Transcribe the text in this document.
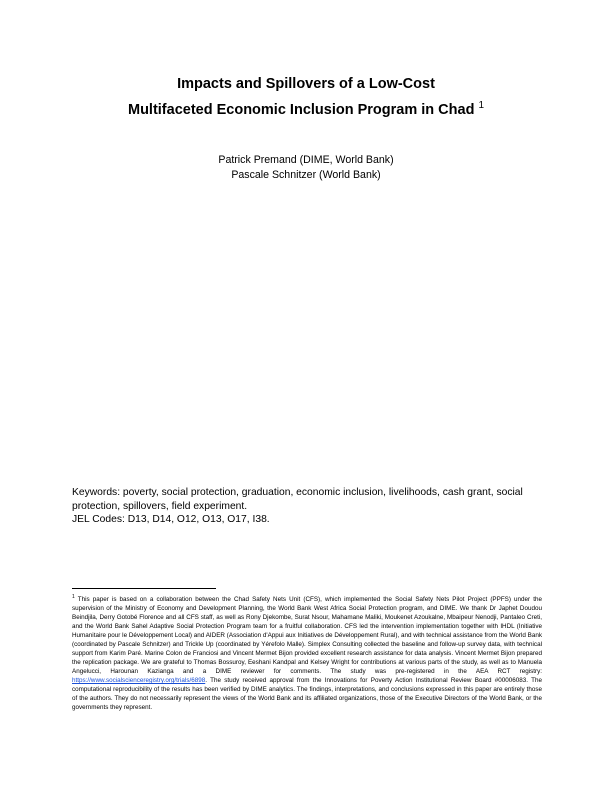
Impacts and Spillovers of a Low-Cost
Multifaceted Economic Inclusion Program in Chad $^1$
Patrick Premand (DIME, World Bank)
Pascale Schnitzer (World Bank)
Keywords: poverty, social protection, graduation, economic inclusion, livelihoods, cash grant, social
protection, spillovers, field experiment.
JEL Codes: D13, D14, O12, O13, O17, I38.
$^1$ This paper is based on a collaboration between the Chad Safety Nets Unit (CFS), which implemented the Social Safety Nets Pilot Project (PPFS) under the supervision of the Ministry of Economy and Development Planning, the World Bank West Africa Social Protection program, and DIME. We thank Dr Japhet Doudou Beindjila, Derry Gotobé Florence and all CFS staff, as well as Rony Djekombe, Surat Nsour, Mahamane Maliki, Moukenet Azoukalne, Mbaipeur Nenodji, Pantaleo Creti, and the World Bank Sahel Adaptive Social Protection Program team for a fruitful collaboration. CFS led the intervention implementation together with IHDL (Initiative Humanitaire pour le Développement Local) and AIDER (Association d'Appui aux Initiatives de Développement Rural), and with technical assistance from the World Bank (coordinated by Pascale Schnitzer) and Trickle Up (coordinated by Yérefolo Malle). Simplex Consulting collected the baseline and follow-up survey data, with technical support from Karim Paré. Marine Colon de Franciosi and Vincent Mermet Bijon provided excellent research assistance for data analysis. Vincent Mermet Bijon prepared the replication package. We are grateful to Thomas Bossuroy, Eeshani Kandpal and Kelsey Wright for contributions at various parts of the study, as well as to Manuela Angelucci, Harounan Kazianga and a DIME reviewer for comments. The study was pre-registered in the AEA RCT registry: https://www.socialscienceregistry.org/trials/6898. The study received approval from the Innovations for Poverty Action Institutional Review Board #00006083. The computational reproducibility of the results has been verified by DIME analytics. The findings, interpretations, and conclusions expressed in this paper are entirely those of the authors. They do not necessarily represent the views of the World Bank and its affiliated organizations, those of the Executive Directors of the World Bank, or the governments they represent.
